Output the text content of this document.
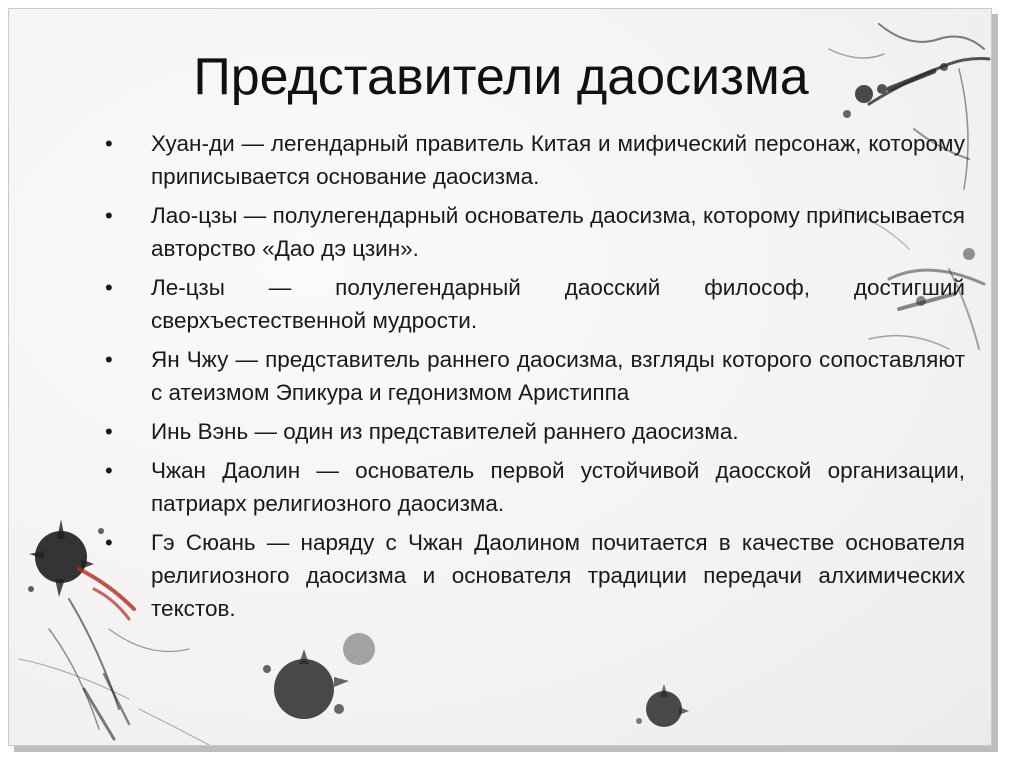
Представители даосизма
•	Хуан-ди — легендарный правитель Китая и мифический персонаж, которому приписывается основание даосизма.
•	Лао-цзы — полулегендарный основатель даосизма, которому приписывается авторство «Дао дэ цзин».
•	Ле-цзы — полулегендарный даосский философ, достигший сверхъестественной мудрости.
•	Ян Чжу — представитель раннего даосизма, взгляды которого сопоставляют с атеизмом Эпикура и гедонизмом Аристиппа
•	Инь Вэнь — один из представителей раннего даосизма.
•	Чжан Даолин — основатель первой устойчивой даосской организации, патриарх религиозного даосизма.
•	Гэ Сюань — наряду с Чжан Даолином почитается в качестве основателя религиозного даосизма и основателя традиции передачи алхимических текстов.
